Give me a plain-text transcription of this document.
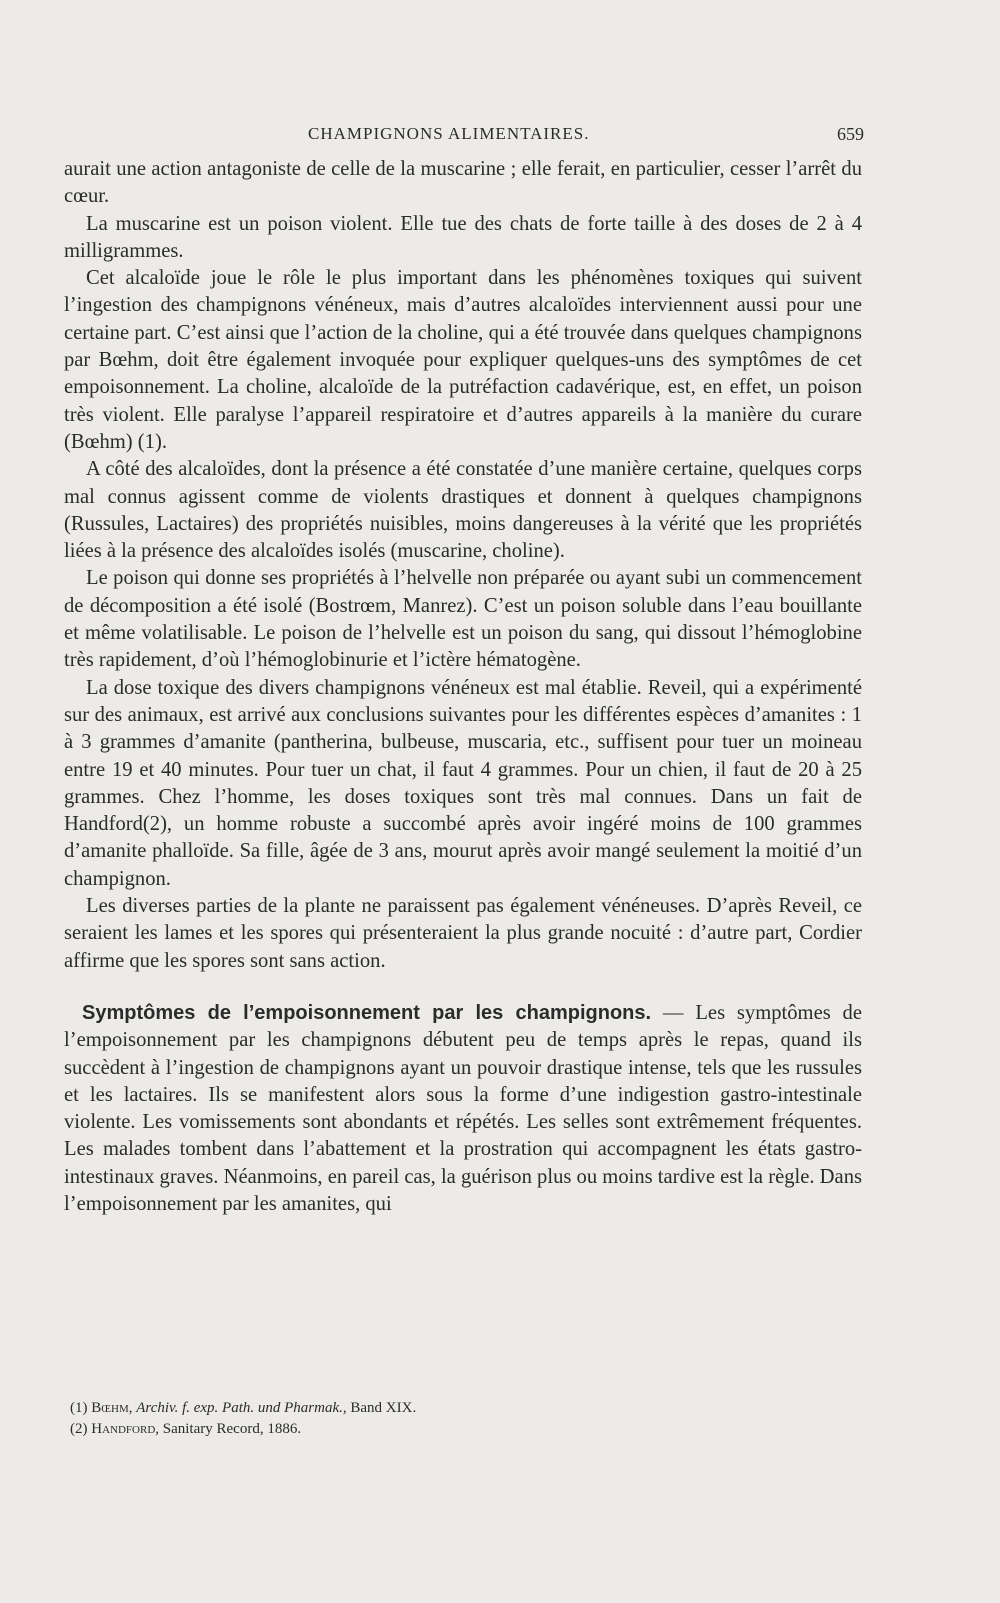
CHAMPIGNONS ALIMENTAIRES.	659

aurait une action antagoniste de celle de la muscarine ; elle ferait, en particulier, cesser l’arrêt du cœur.

La muscarine est un poison violent. Elle tue des chats de forte taille à des doses de 2 à 4 milligrammes.

Cet alcaloïde joue le rôle le plus important dans les phénomènes toxiques qui suivent l’ingestion des champignons vénéneux, mais d’autres alcaloïdes interviennent aussi pour une certaine part. C’est ainsi que l’action de la choline, qui a été trouvée dans quelques champignons par Bœhm, doit être également invoquée pour expliquer quelques-uns des symptômes de cet empoisonnement. La choline, alcaloïde de la putréfaction cadavérique, est, en effet, un poison très violent. Elle paralyse l’appareil respiratoire et d’autres appareils à la manière du curare (Bœhm) (1).

A côté des alcaloïdes, dont la présence a été constatée d’une manière certaine, quelques corps mal connus agissent comme de violents drastiques et donnent à quelques champignons (Russules, Lactaires) des propriétés nuisibles, moins dangereuses à la vérité que les propriétés liées à la présence des alcaloïdes isolés (muscarine, choline).

Le poison qui donne ses propriétés à l’helvelle non préparée ou ayant subi un commencement de décomposition a été isolé (Bostrœm, Manrez). C’est un poison soluble dans l’eau bouillante et même volatilisable. Le poison de l’helvelle est un poison du sang, qui dissout l’hémoglobine très rapidement, d’où l’hémoglobinurie et l’ictère hématogène.

La dose toxique des divers champignons vénéneux est mal établie. Reveil, qui a expérimenté sur des animaux, est arrivé aux conclusions suivantes pour les différentes espèces d’amanites : 1 à 3 grammes d’amanite (pantherina, bulbeuse, muscaria, etc., suffisent pour tuer un moineau entre 19 et 40 minutes. Pour tuer un chat, il faut 4 grammes. Pour un chien, il faut de 20 à 25 grammes. Chez l’homme, les doses toxiques sont très mal connues. Dans un fait de Handford(2), un homme robuste a succombé après avoir ingéré moins de 100 grammes d’amanite phalloïde. Sa fille, âgée de 3 ans, mourut après avoir mangé seulement la moitié d’un champignon.

Les diverses parties de la plante ne paraissent pas également vénéneuses. D’après Reveil, ce seraient les lames et les spores qui présenteraient la plus grande nocuité : d’autre part, Cordier affirme que les spores sont sans action.

Symptômes de l’empoisonnement par les champignons. — Les symptômes de l’empoisonnement par les champignons débutent peu de temps après le repas, quand ils succèdent à l’ingestion de champignons ayant un pouvoir drastique intense, tels que les russules et les lactaires. Ils se manifestent alors sous la forme d’une indigestion gastro-intestinale violente. Les vomissements sont abondants et répétés. Les selles sont extrêmement fréquentes. Les malades tombent dans l’abattement et la prostration qui accompagnent les états gastro-intestinaux graves. Néanmoins, en pareil cas, la guérison plus ou moins tardive est la règle. Dans l’empoisonnement par les amanites, qui

(1) Bœhm, Archiv. f. exp. Path. und Pharmak., Band XIX.
(2) Handford, Sanitary Record, 1886.
